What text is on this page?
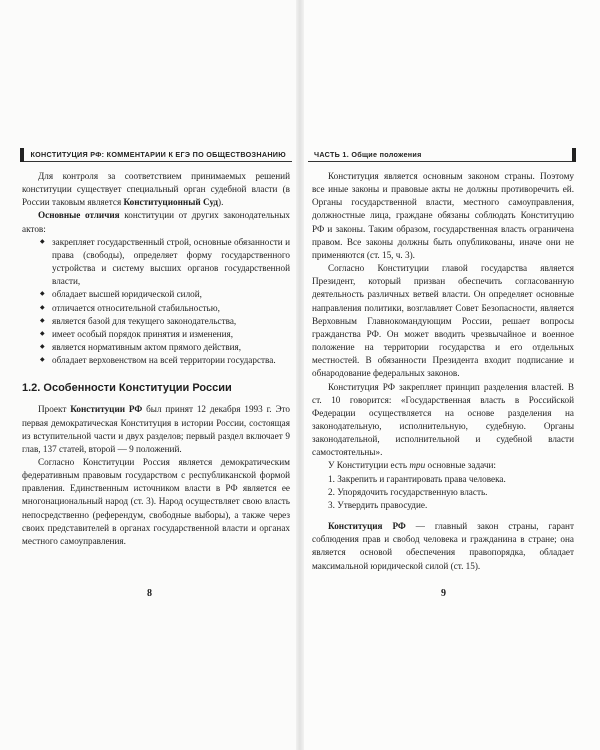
КОНСТИТУЦИЯ РФ: КОММЕНТАРИИ К ЕГЭ ПО ОБЩЕСТВОЗНАНИЮ	ЧАСТЬ 1. Общие положения

Для контроля за соответствием принимаемых решений конституции существует специальный орган судебной власти (в России таковым является Конституционный Суд).

Основные отличия конституции от других законодательных актов:

◆ закрепляет государственный строй, основные обязанности и права (свободы), определяет форму государственного устройства и систему высших органов государственной власти,
◆ обладает высшей юридической силой,
◆ отличается относительной стабильностью,
◆ является базой для текущего законодательства,
◆ имеет особый порядок принятия и изменения,
◆ является нормативным актом прямого действия,
◆ обладает верховенством на всей территории государства.
1.2. Особенности Конституции России

Проект Конституции РФ был принят 12 декабря 1993 г. Это первая демократическая Конституция в истории России, состоящая из вступительной части и двух разделов; первый раздел включает 9 глав, 137 статей, второй — 9 положений.

Согласно Конституции Россия является демократическим федеративным правовым государством с республиканской формой правления. Единственным источником власти в РФ является ее многонациональный народ (ст. 3). Народ осуществляет свою власть непосредственно (референдум, свободные выборы), а также через своих представителей в органах государственной власти и органах местного самоуправления.

Конституция является основным законом страны. Поэтому все иные законы и правовые акты не должны противоречить ей. Органы государственной власти, местного самоуправления, должностные лица, граждане обязаны соблюдать Конституцию РФ и законы. Таким образом, государственная власть ограничена правом. Все законы должны быть опубликованы, иначе они не применяются (ст. 15, ч. 3).

Согласно Конституции главой государства является Президент, который призван обеспечить согласованную деятельность различных ветвей власти. Он определяет основные направления политики, возглавляет Совет Безопасности, является Верховным Главнокомандующим России, решает вопросы гражданства РФ. Он может вводить чрезвычайное и военное положение на территории государства и его отдельных местностей. В обязанности Президента входит подписание и обнародование федеральных законов.

Конституция РФ закрепляет принцип разделения властей. В ст. 10 говорится: «Государственная власть в Российской Федерации осуществляется на основе разделения на законодательную, исполнительную, судебную. Органы законодательной, исполнительной и судебной власти самостоятельны».

У Конституции есть три основные задачи:

1. Закрепить и гарантировать права человека.
2. Упорядочить государственную власть.
3. Утвердить правосудие.

Конституция РФ — главный закон страны, гарант соблюдения прав и свобод человека и гражданина в стране; она является основой обеспечения правопорядка, обладает максимальной юридической силой (ст. 15).

8	9
